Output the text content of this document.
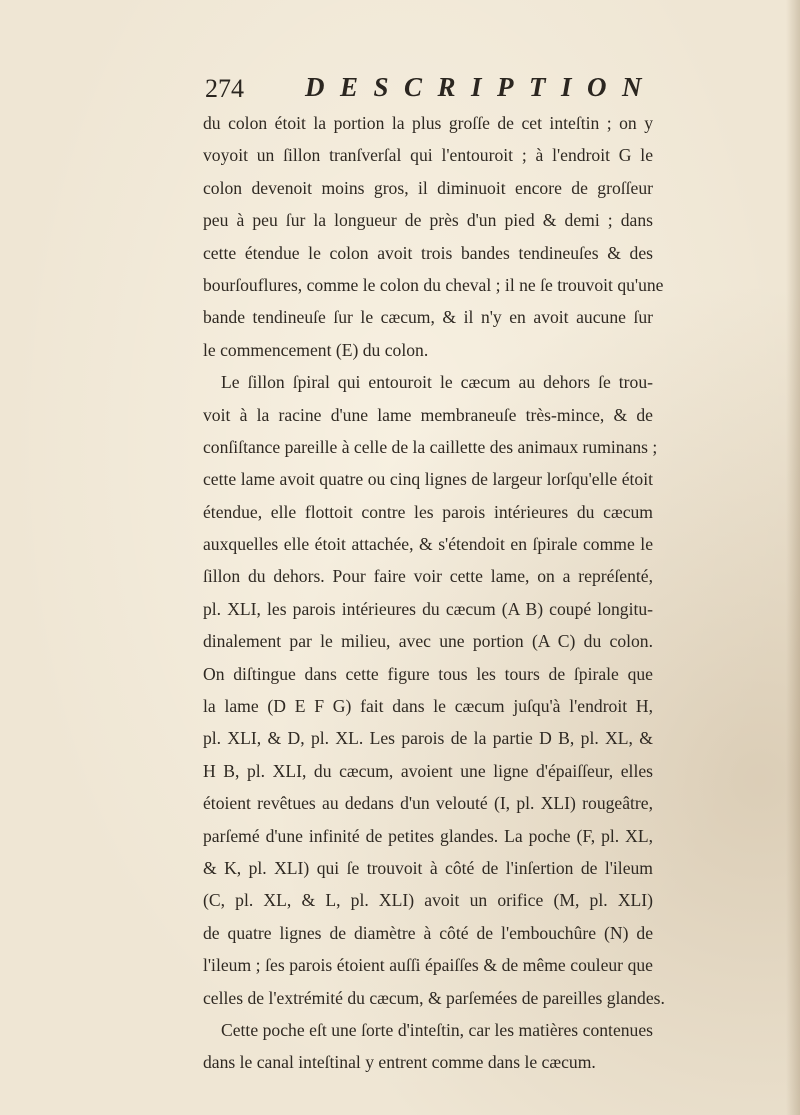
274 DESCRIPTION
du colon étoit la portion la plus groſſe de cet inteſtin ; on y
voyoit un ſillon tranſverſal qui l'entouroit ; à l'endroit G le
colon devenoit moins gros, il diminuoit encore de groſſeur
peu à peu ſur la longueur de près d'un pied & demi ; dans
cette étendue le colon avoit trois bandes tendineuſes & des
bourſouflures, comme le colon du cheval ; il ne ſe trouvoit qu'une
bande tendineuſe ſur le cæcum, & il n'y en avoit aucune ſur
le commencement (E) du colon.
Le ſillon ſpiral qui entouroit le cæcum au dehors ſe trou-
voit à la racine d'une lame membraneuſe très-mince, & de
conſiſtance pareille à celle de la caillette des animaux ruminans ;
cette lame avoit quatre ou cinq lignes de largeur lorſqu'elle étoit
étendue, elle flottoit contre les parois intérieures du cæcum
auxquelles elle étoit attachée, & s'étendoit en ſpirale comme le
ſillon du dehors. Pour faire voir cette lame, on a repréſenté,
pl. XLI, les parois intérieures du cæcum (A B) coupé longitu-
dinalement par le milieu, avec une portion (A C) du colon.
On diſtingue dans cette figure tous les tours de ſpirale que
la lame (D E F G) fait dans le cæcum juſqu'à l'endroit H,
pl. XLI, & D, pl. XL. Les parois de la partie D B, pl. XL, &
H B, pl. XLI, du cæcum, avoient une ligne d'épaiſſeur, elles
étoient revêtues au dedans d'un velouté (I, pl. XLI) rougeâtre,
parſemé d'une infinité de petites glandes. La poche (F, pl. XL,
& K, pl. XLI) qui ſe trouvoit à côté de l'inſertion de l'ileum
(C, pl. XL, & L, pl. XLI) avoit un orifice (M, pl. XLI)
de quatre lignes de diamètre à côté de l'embouchûre (N) de
l'ileum ; ſes parois étoient auſſi épaiſſes & de même couleur que
celles de l'extrémité du cæcum, & parſemées de pareilles glandes.
Cette poche eſt une ſorte d'inteſtin, car les matières contenues
dans le canal inteſtinal y entrent comme dans le cæcum.
